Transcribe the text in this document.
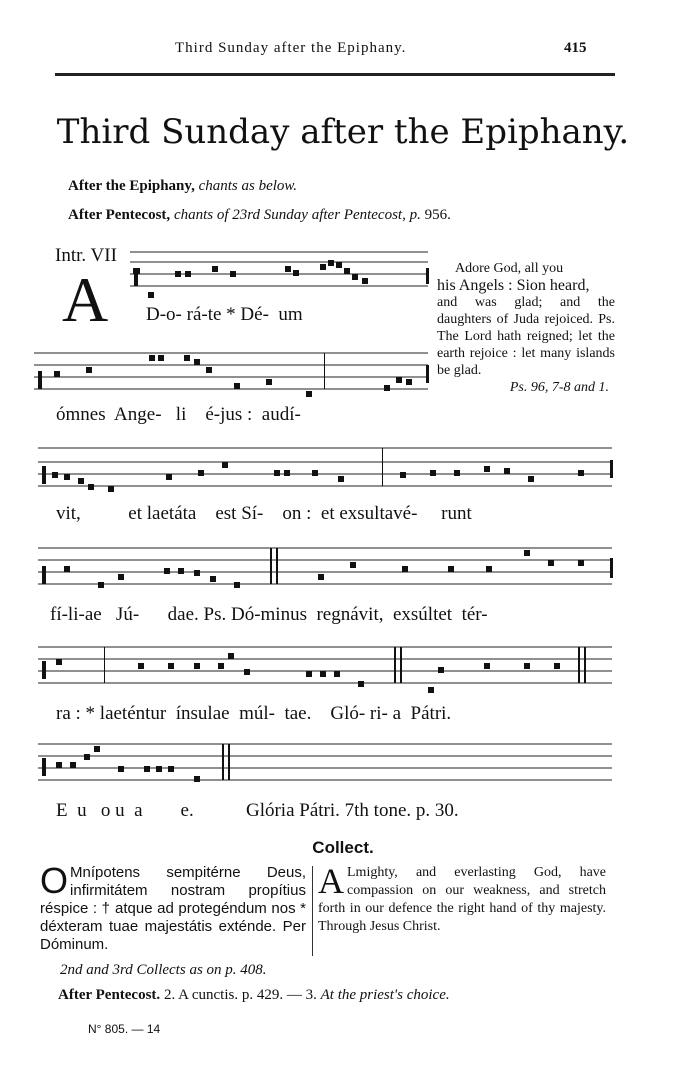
Third Sunday after the Epiphany.	415
Third Sunday after the Epiphany.
After the Epiphany, chants as below.
After Pentecost, chants of 23rd Sunday after Pentecost, p. 956.
Intr. VII
A D-o- rá-te * Dé-  um
ómnes  Ange-   li    é-jus :  audí-
vit,          et laetáta    est Sí-    on :  et exsultavé-     runt
fí-li-ae   Jú-      dae. Ps. Dó-minus  regnávit,  exsúltet  tér-
ra : * laeténtur  ínsulae  múl-  tae.    Gló- ri- a  Pátri.
E  u   o u  a        e.           Glória Pátri. 7th tone. p. 30.
Adore God, all you
his Angels : Sion heard,
and was glad; and the daughters of Juda rejoiced. Ps. The Lord hath reigned; let the earth rejoice : let many islands be glad.
Ps. 96, 7-8 and 1.
Collect.
O Mnípotens sempitérne Deus, infirmitátem nostram propítius réspice : † atque ad protegéndum nos * déxteram tuae majestátis exténde. Per Dóminum.
A Lmighty, and everlasting God, have compassion on our weakness, and stretch forth in our defence the right hand of thy majesty. Through Jesus Christ.
2nd and 3rd Collects as on p. 408.
After Pentecost. 2. A cunctis. p. 429. — 3. At the priest's choice.
N° 805. — 14
